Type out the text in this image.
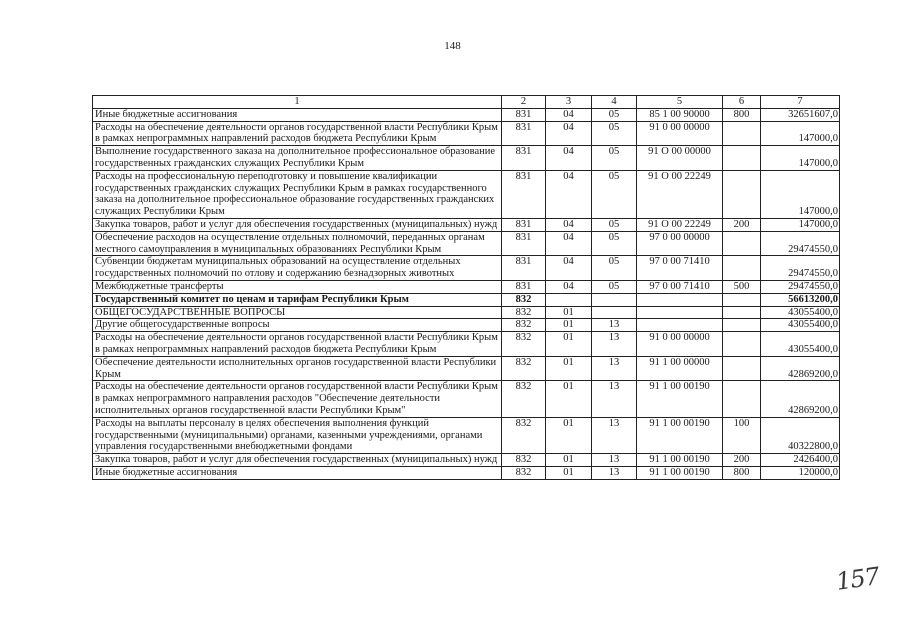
148
1	2	3	4	5	6	7
Иные бюджетные ассигнования	831	04	05	85 1 00 90000	800	32651607,0
Расходы на обеспечение деятельности органов государственной власти Республики Крым в рамках непрограммных направлений расходов бюджета Республики Крым	831	04	05	91 0 00 00000		147000,0
Выполнение государственного заказа на дополнительное профессиональное образование государственных гражданских служащих Республики Крым	831	04	05	91 О 00 00000		147000,0
Расходы на профессиональную переподготовку и повышение квалификации государственных гражданских служащих Республики Крым в рамках государственного заказа на дополнительное профессиональное образование государственных гражданских служащих Республики Крым	831	04	05	91 О 00 22249		147000,0
Закупка товаров, работ и услуг для обеспечения государственных (муниципальных) нужд	831	04	05	91 О 00 22249	200	147000,0
Обеспечение расходов на осуществление отдельных полномочий, переданных органам местного самоуправления в муниципальных образованиях Республики Крым	831	04	05	97 0 00 00000		29474550,0
Субвенции бюджетам муниципальных образований на осуществление отдельных государственных полномочий по отлову и содержанию безнадзорных животных	831	04	05	97 0 00 71410		29474550,0
Межбюджетные трансферты	831	04	05	97 0 00 71410	500	29474550,0
Государственный комитет по ценам и тарифам Республики Крым	832					56613200,0
ОБЩЕГОСУДАРСТВЕННЫЕ ВОПРОСЫ	832	01				43055400,0
Другие общегосударственные вопросы	832	01	13			43055400,0
Расходы на обеспечение деятельности органов государственной власти Республики Крым в рамках непрограммных направлений расходов бюджета Республики Крым	832	01	13	91 0 00 00000		43055400,0
Обеспечение деятельности исполнительных органов государственной власти Республики Крым	832	01	13	91 1 00 00000		42869200,0
Расходы на обеспечение деятельности органов государственной власти Республики Крым в рамках непрограммного направления расходов "Обеспечение деятельности исполнительных органов государственной власти Республики Крым"	832	01	13	91 1 00 00190		42869200,0
Расходы на выплаты персоналу в целях обеспечения выполнения функций государственными (муниципальными) органами, казенными учреждениями, органами управления государственными внебюджетными фондами	832	01	13	91 1 00 00190	100	40322800,0
Закупка товаров, работ и услуг для обеспечения государственных (муниципальных) нужд	832	01	13	91 1 00 00190	200	2426400,0
Иные бюджетные ассигнования	832	01	13	91 1 00 00190	800	120000,0
157
